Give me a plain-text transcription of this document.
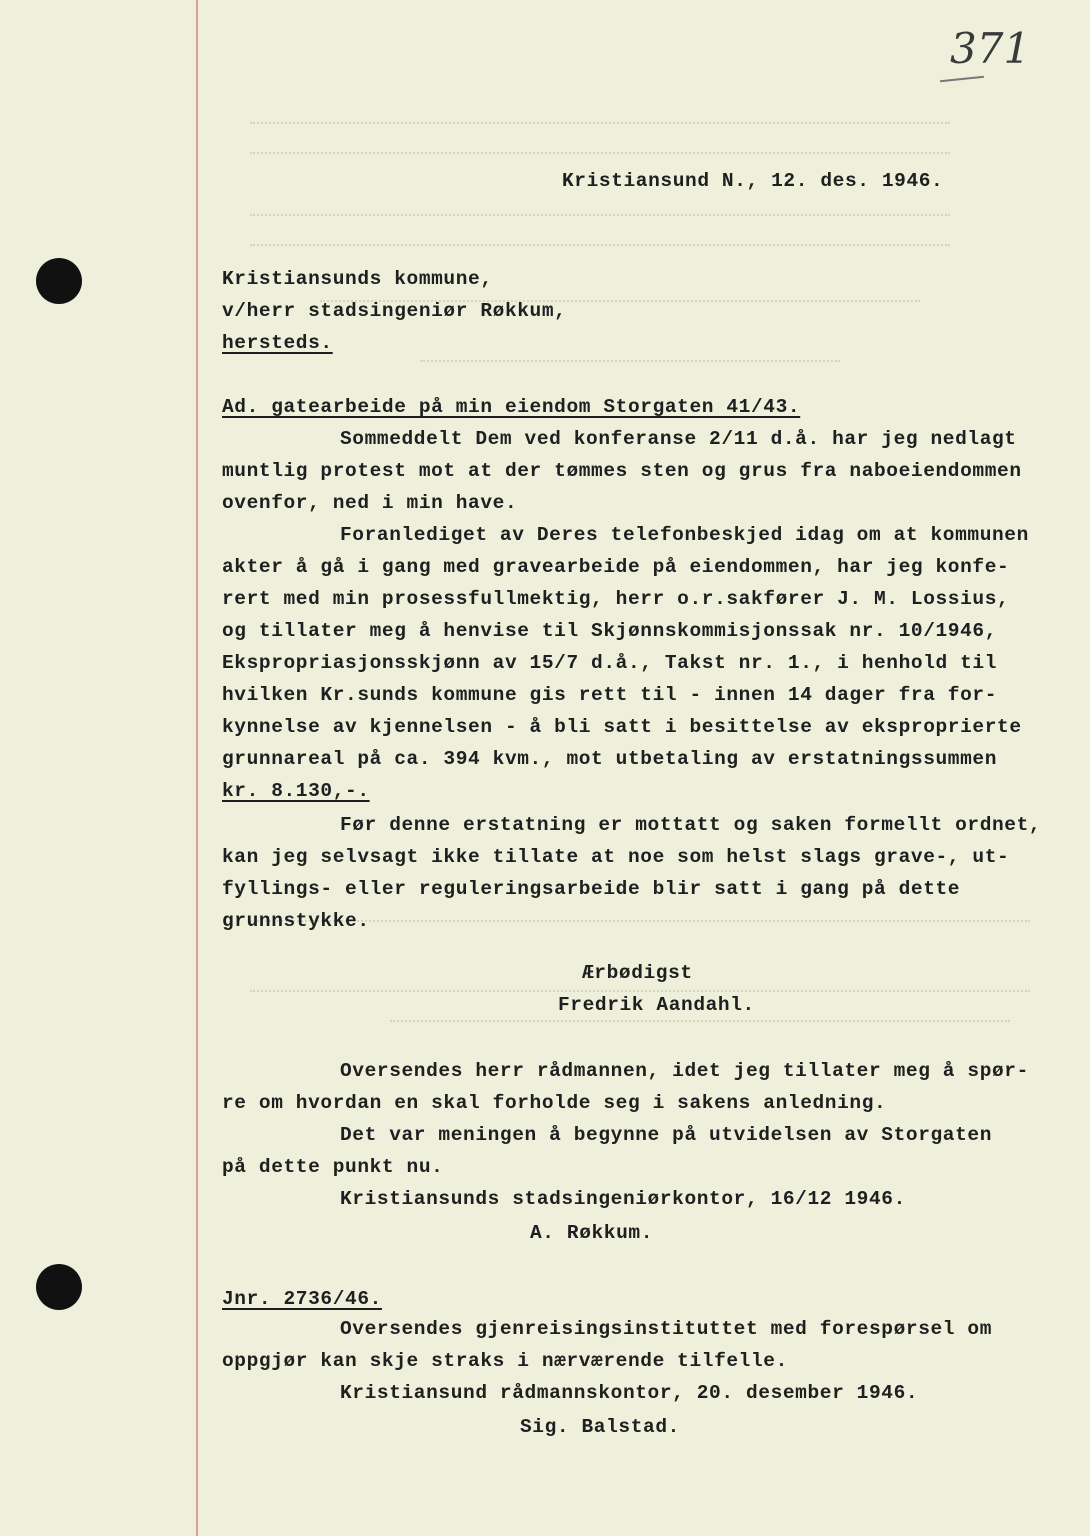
371
Kristiansund N., 12. des. 1946.
Kristiansunds kommune,
v/herr stadsingeniør Røkkum,
hersteds.
Ad. gatearbeide på min eiendom Storgaten 41/43.
Sommeddelt Dem ved konferanse 2/11 d.å. har jeg nedlagt
muntlig protest mot at der tømmes sten og grus fra naboeiendommen
ovenfor, ned i min have.
Foranlediget av Deres telefonbeskjed idag om at kommunen
akter å gå i gang med gravearbeide på eiendommen, har jeg konfe-
rert med min prosessfullmektig, herr o.r.sakfører J. M. Lossius,
og tillater meg å henvise til Skjønnskommisjonssak nr. 10/1946,
Ekspropriasjonsskjønn av 15/7 d.å., Takst nr. 1., i henhold til
hvilken Kr.sunds kommune gis rett til - innen 14 dager fra for-
kynnelse av kjennelsen - å bli satt i besittelse av eksproprierte
grunnareal på ca. 394 kvm., mot utbetaling av erstatningssummen
kr. 8.130,-.
Før denne erstatning er mottatt og saken formellt ordnet,
kan jeg selvsagt ikke tillate at noe som helst slags grave-, ut-
fyllings- eller reguleringsarbeide blir satt i gang på dette
grunnstykke.
Ærbødigst
Fredrik Aandahl.
Oversendes herr rådmannen, idet jeg tillater meg å spør-
re om hvordan en skal forholde seg i sakens anledning.
Det var meningen å begynne på utvidelsen av Storgaten
på dette punkt nu.
Kristiansunds stadsingeniørkontor, 16/12 1946.
A. Røkkum.
Jnr. 2736/46.
Oversendes gjenreisingsinstituttet med forespørsel om
oppgjør kan skje straks i nærværende tilfelle.
Kristiansund rådmannskontor, 20. desember 1946.
Sig. Balstad.
